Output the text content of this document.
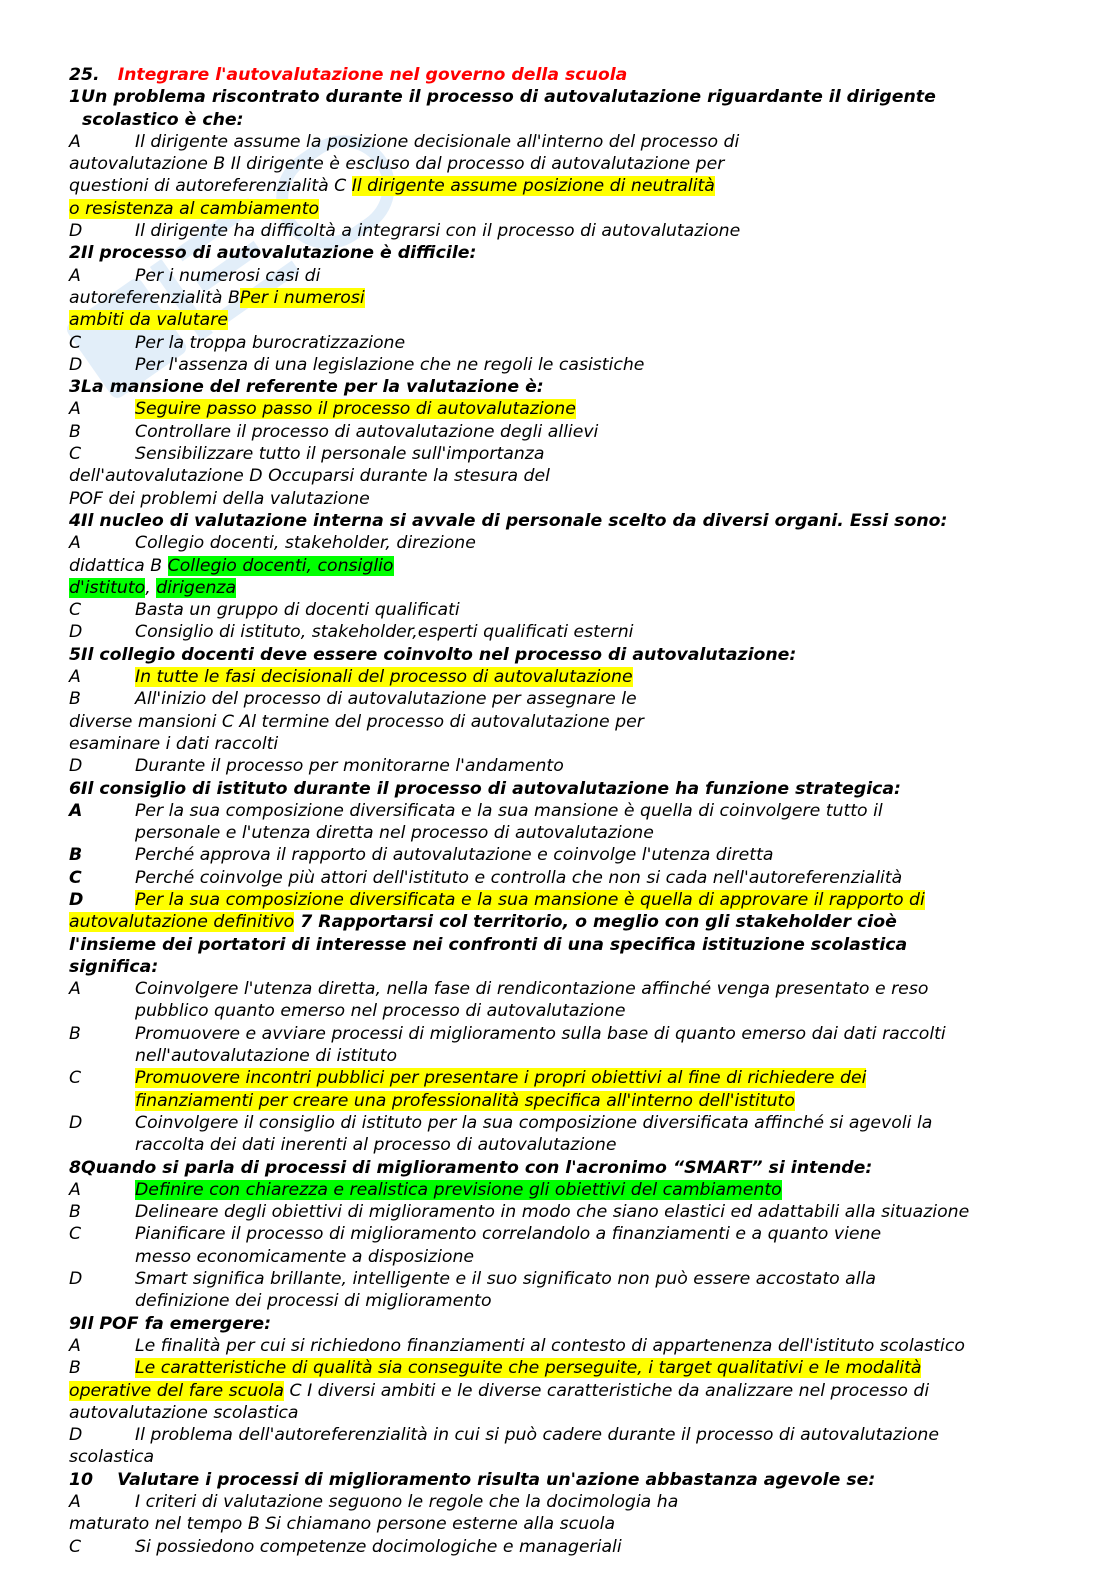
25. Integrare l'autovalutazione nel governo della scuola
1Un problema riscontrato durante il processo di autovalutazione riguardante il dirigente
scolastico è che:
A	Il dirigente assume la posizione decisionale all'interno del processo di
autovalutazione B Il dirigente è escluso dal processo di autovalutazione per
questioni di autoreferenzialità C Il dirigente assume posizione di neutralità
o resistenza al cambiamento
D	Il dirigente ha difficoltà a integrarsi con il processo di autovalutazione
2Il processo di autovalutazione è difficile:
A	Per i numerosi casi di
autoreferenzialità BPer i numerosi
ambiti da valutare
C	Per la troppa burocratizzazione
D	Per l'assenza di una legislazione che ne regoli le casistiche
3La mansione del referente per la valutazione è:
A	Seguire passo passo il processo di autovalutazione
B	Controllare il processo di autovalutazione degli allievi
C	Sensibilizzare tutto il personale sull'importanza
dell'autovalutazione D Occuparsi durante la stesura del
POF dei problemi della valutazione
4Il nucleo di valutazione interna si avvale di personale scelto da diversi organi. Essi sono:
A	Collegio docenti, stakeholder, direzione
didattica B Collegio docenti, consiglio
d'istituto, dirigenza
C	Basta un gruppo di docenti qualificati
D	Consiglio di istituto, stakeholder,esperti qualificati esterni
5Il collegio docenti deve essere coinvolto nel processo di autovalutazione:
A	In tutte le fasi decisionali del processo di autovalutazione
B	All'inizio del processo di autovalutazione per assegnare le
diverse mansioni C Al termine del processo di autovalutazione per
esaminare i dati raccolti
D	Durante il processo per monitorarne l'andamento
6Il consiglio di istituto durante il processo di autovalutazione ha funzione strategica:
A	Per la sua composizione diversificata e la sua mansione è quella di coinvolgere tutto il
personale e l'utenza diretta nel processo di autovalutazione
B	Perché approva il rapporto di autovalutazione e coinvolge l'utenza diretta
C	Perché coinvolge più attori dell'istituto e controlla che non si cada nell'autoreferenzialità
D	Per la sua composizione diversificata e la sua mansione è quella di approvare il rapporto di
autovalutazione definitivo 7 Rapportarsi col territorio, o meglio con gli stakeholder cioè
l'insieme dei portatori di interesse nei confronti di una specifica istituzione scolastica
significa:
A	Coinvolgere l'utenza diretta, nella fase di rendicontazione affinché venga presentato e reso
pubblico quanto emerso nel processo di autovalutazione
B	Promuovere e avviare processi di miglioramento sulla base di quanto emerso dai dati raccolti
nell'autovalutazione di istituto
C	Promuovere incontri pubblici per presentare i propri obiettivi al fine di richiedere dei
finanziamenti per creare una professionalità specifica all'interno dell'istituto
D	Coinvolgere il consiglio di istituto per la sua composizione diversificata affinché si agevoli la
raccolta dei dati inerenti al processo di autovalutazione
8Quando si parla di processi di miglioramento con l'acronimo “SMART” si intende:
A	Definire con chiarezza e realistica previsione gli obiettivi del cambiamento
B	Delineare degli obiettivi di miglioramento in modo che siano elastici ed adattabili alla situazione
C	Pianificare il processo di miglioramento correlandolo a finanziamenti e a quanto viene
messo economicamente a disposizione
D	Smart significa brillante, intelligente e il suo significato non può essere accostato alla
definizione dei processi di miglioramento
9Il POF fa emergere:
A	Le finalità per cui si richiedono finanziamenti al contesto di appartenenza dell'istituto scolastico
B	Le caratteristiche di qualità sia conseguite che perseguite, i target qualitativi e le modalità
operative del fare scuola C I diversi ambiti e le diverse caratteristiche da analizzare nel processo di
autovalutazione scolastica
D	Il problema dell'autoreferenzialità in cui si può cadere durante il processo di autovalutazione
scolastica
10 Valutare i processi di miglioramento risulta un'azione abbastanza agevole se:
A	I criteri di valutazione seguono le regole che la docimologia ha
maturato nel tempo B Si chiamano persone esterne alla scuola
C	Si possiedono competenze docimologiche e manageriali
